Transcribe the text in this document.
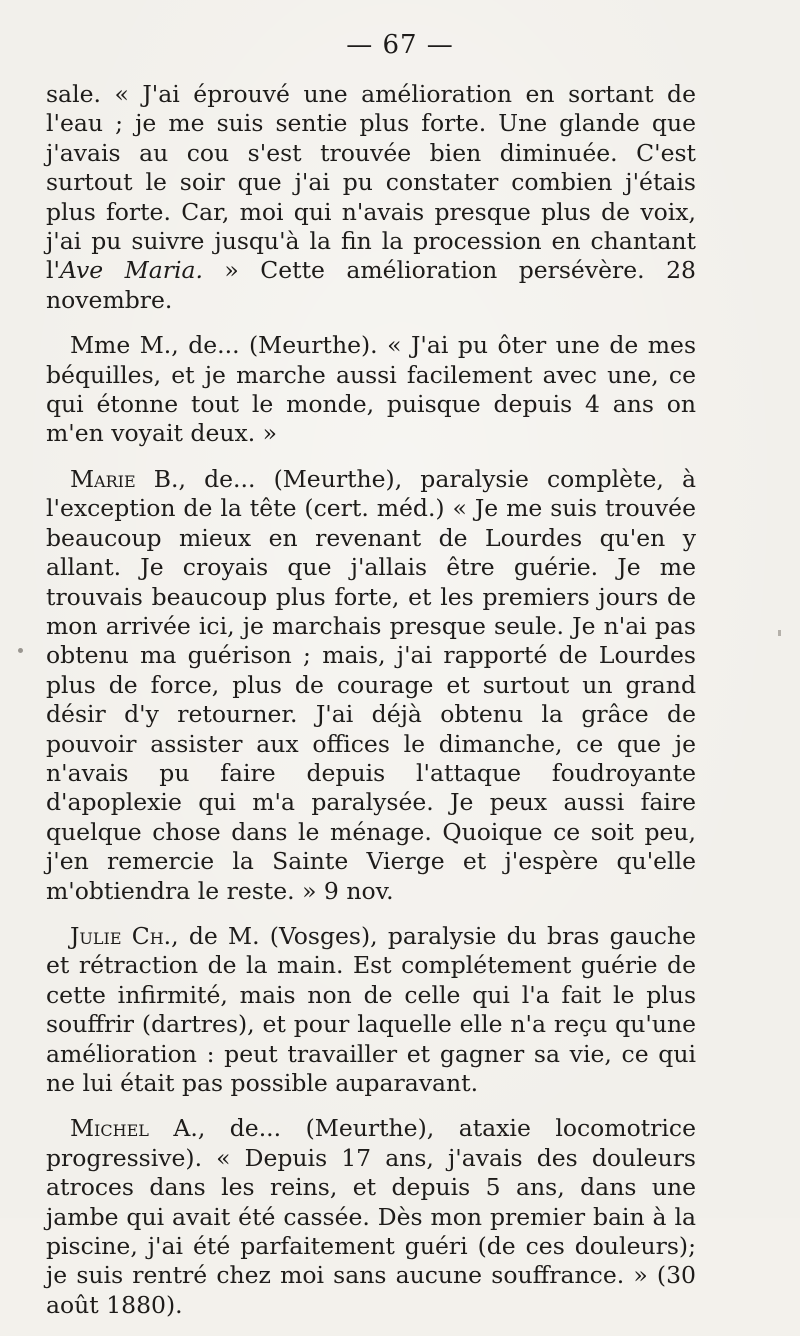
— 67 —

sale. « J'ai éprouvé une amélioration en sortant de l'eau ; je me suis sentie plus forte. Une glande que j'avais au cou s'est trouvée bien diminuée. C'est surtout le soir que j'ai pu constater combien j'étais plus forte. Car, moi qui n'avais presque plus de voix, j'ai pu suivre jusqu'à la fin la procession en chantant l'Ave Maria. » Cette amélioration persévère. 28 novembre.

Mme M., de... (Meurthe). « J'ai pu ôter une de mes béquilles, et je marche aussi facilement avec une, ce qui étonne tout le monde, puisque depuis 4 ans on m'en voyait deux. »

Marie B., de... (Meurthe), paralysie complète, à l'exception de la tête (cert. méd.) « Je me suis trouvée beaucoup mieux en revenant de Lourdes qu'en y allant. Je croyais que j'allais être guérie. Je me trouvais beaucoup plus forte, et les premiers jours de mon arrivée ici, je marchais presque seule. Je n'ai pas obtenu ma guérison ; mais, j'ai rapporté de Lourdes plus de force, plus de courage et surtout un grand désir d'y retourner. J'ai déjà obtenu la grâce de pouvoir assister aux offices le dimanche, ce que je n'avais pu faire depuis l'attaque foudroyante d'apoplexie qui m'a paralysée. Je peux aussi faire quelque chose dans le ménage. Quoique ce soit peu, j'en remercie la Sainte Vierge et j'espère qu'elle m'obtiendra le reste. » 9 nov.

Julie Ch., de M. (Vosges), paralysie du bras gauche et rétraction de la main. Est complétement guérie de cette infirmité, mais non de celle qui l'a fait le plus souffrir (dartres), et pour laquelle elle n'a reçu qu'une amélioration : peut travailler et gagner sa vie, ce qui ne lui était pas possible auparavant.

Michel A., de... (Meurthe), ataxie locomotrice progressive). « Depuis 17 ans, j'avais des douleurs atroces dans les reins, et depuis 5 ans, dans une jambe qui avait été cassée. Dès mon premier bain à la piscine, j'ai été parfaitement guéri (de ces douleurs); je suis rentré chez moi sans aucune souffrance. » (30 août 1880).
